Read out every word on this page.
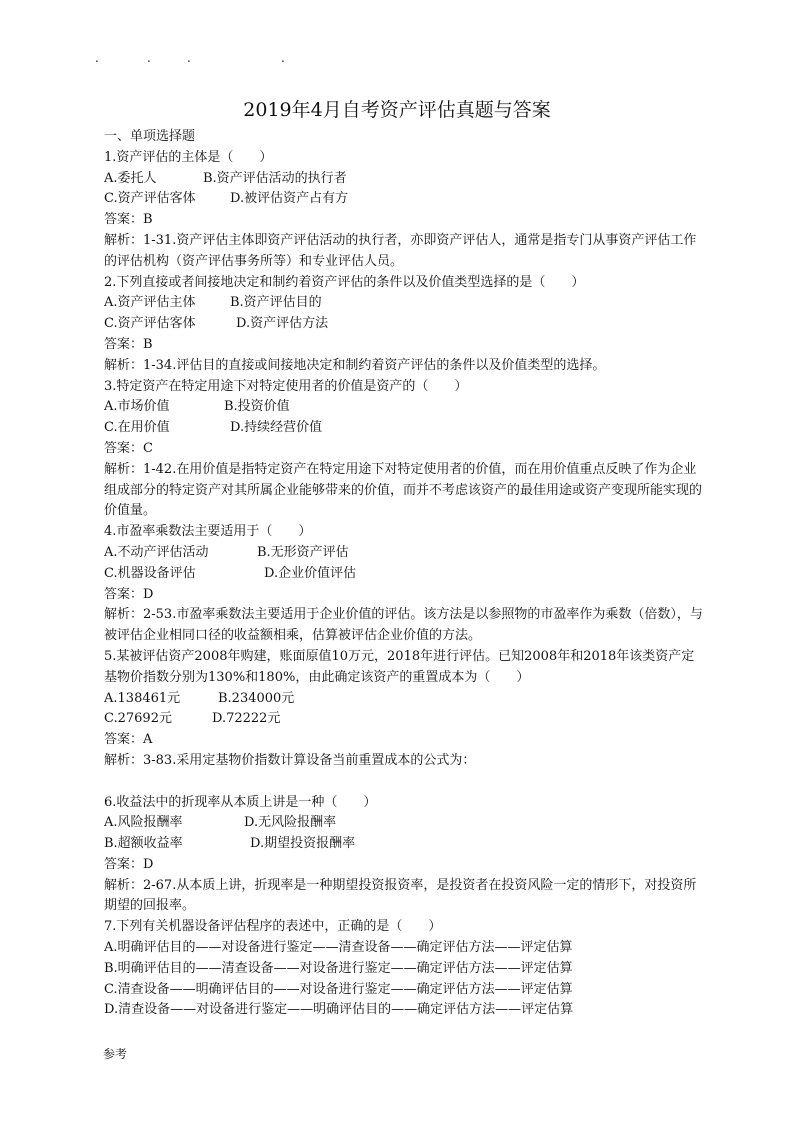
.	.	.	.
2019年4月自考资产评估真题与答案
一、单项选择题
1.资产评估的主体是（　　）
A.委托人	B.资产评估活动的执行者
C.资产评估客体	D.被评估资产占有方
答案：B
解析：1-31.资产评估主体即资产评估活动的执行者，亦即资产评估人，通常是指专门从事资产评估工作的评估机构（资产评估事务所等）和专业评估人员。
2.下列直接或者间接地决定和制约着资产评估的条件以及价值类型选择的是（　　）
A.资产评估主体	B.资产评估目的
C.资产评估客体	D.资产评估方法
答案：B
解析：1-34.评估目的直接或间接地决定和制约着资产评估的条件以及价值类型的选择。
3.特定资产在特定用途下对特定使用者的价值是资产的（　　）
A.市场价值	B.投资价值
C.在用价值	D.持续经营价值
答案：C
解析：1-42.在用价值是指特定资产在特定用途下对特定使用者的价值，而在用价值重点反映了作为企业组成部分的特定资产对其所属企业能够带来的价值，而并不考虑该资产的最佳用途或资产变现所能实现的价值量。
4.市盈率乘数法主要适用于（　　）
A.不动产评估活动	B.无形资产评估
C.机器设备评估	D.企业价值评估
答案：D
解析：2-53.市盈率乘数法主要适用于企业价值的评估。该方法是以参照物的市盈率作为乘数（倍数），与被评估企业相同口径的收益额相乘，估算被评估企业价值的方法。
5.某被评估资产2008年购建，账面原值10万元，2018年进行评估。已知2008年和2018年该类资产定基物价指数分别为130%和180%，由此确定该资产的重置成本为（　　）
A.138461元	B.234000元
C.27692元	D.72222元
答案：A
解析：3-83.采用定基物价指数计算设备当前重置成本的公式为：
6.收益法中的折现率从本质上讲是一种（　　）
A.风险报酬率	D.无风险报酬率
B.超额收益率	D.期望投资报酬率
答案：D
解析：2-67.从本质上讲，折现率是一种期望投资报资率，是投资者在投资风险一定的情形下，对投资所期望的回报率。
7.下列有关机器设备评估程序的表述中，正确的是（　　）
A.明确评估目的——对设备进行鉴定——清查设备——确定评估方法——评定估算
B.明确评估目的——清查设备——对设备进行鉴定——确定评估方法——评定估算
C.清查设备——明确评估目的——对设备进行鉴定——确定评估方法——评定估算
D.清查设备——对设备进行鉴定——明确评估目的——确定评估方法——评定估算
参考
